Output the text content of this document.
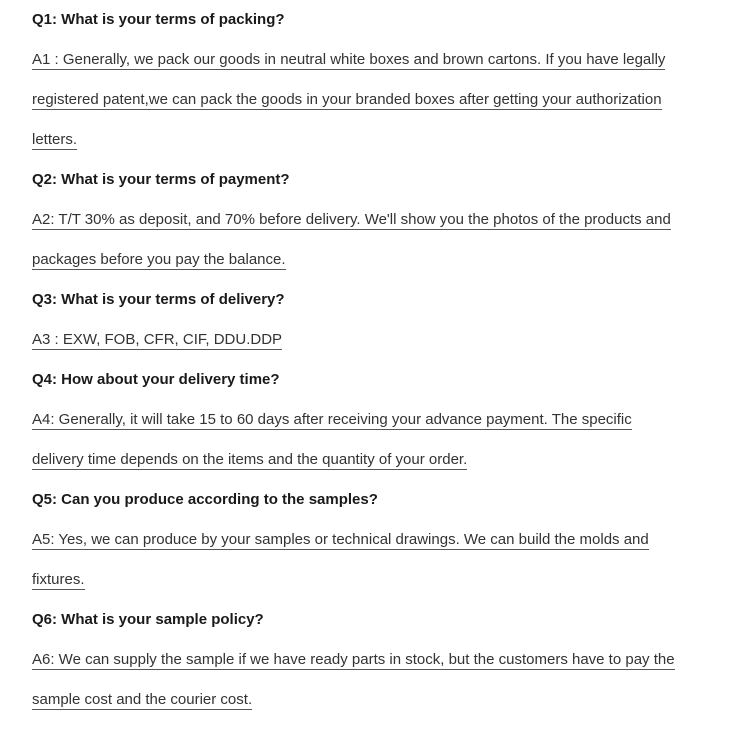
Q1: What is your terms of packing?
A1 : Generally, we pack our goods in neutral white boxes and brown cartons. If you have legally
registered patent,we can pack the goods in your branded boxes after getting your authorization
letters.
Q2: What is your terms of payment?
A2: T/T 30% as deposit, and 70% before delivery. We'll show you the photos of the products and
packages before you pay the balance.
Q3: What is your terms of delivery?
A3 : EXW, FOB, CFR, CIF, DDU.DDP
Q4: How about your delivery time?
A4: Generally, it will take 15 to 60 days after receiving your advance payment. The specific
delivery time depends on the items and the quantity of your order.
Q5: Can you produce according to the samples?
A5: Yes, we can produce by your samples or technical drawings. We can build the molds and
fixtures.
Q6: What is your sample policy?
A6: We can supply the sample if we have ready parts in stock, but the customers have to pay the
sample cost and the courier cost.
